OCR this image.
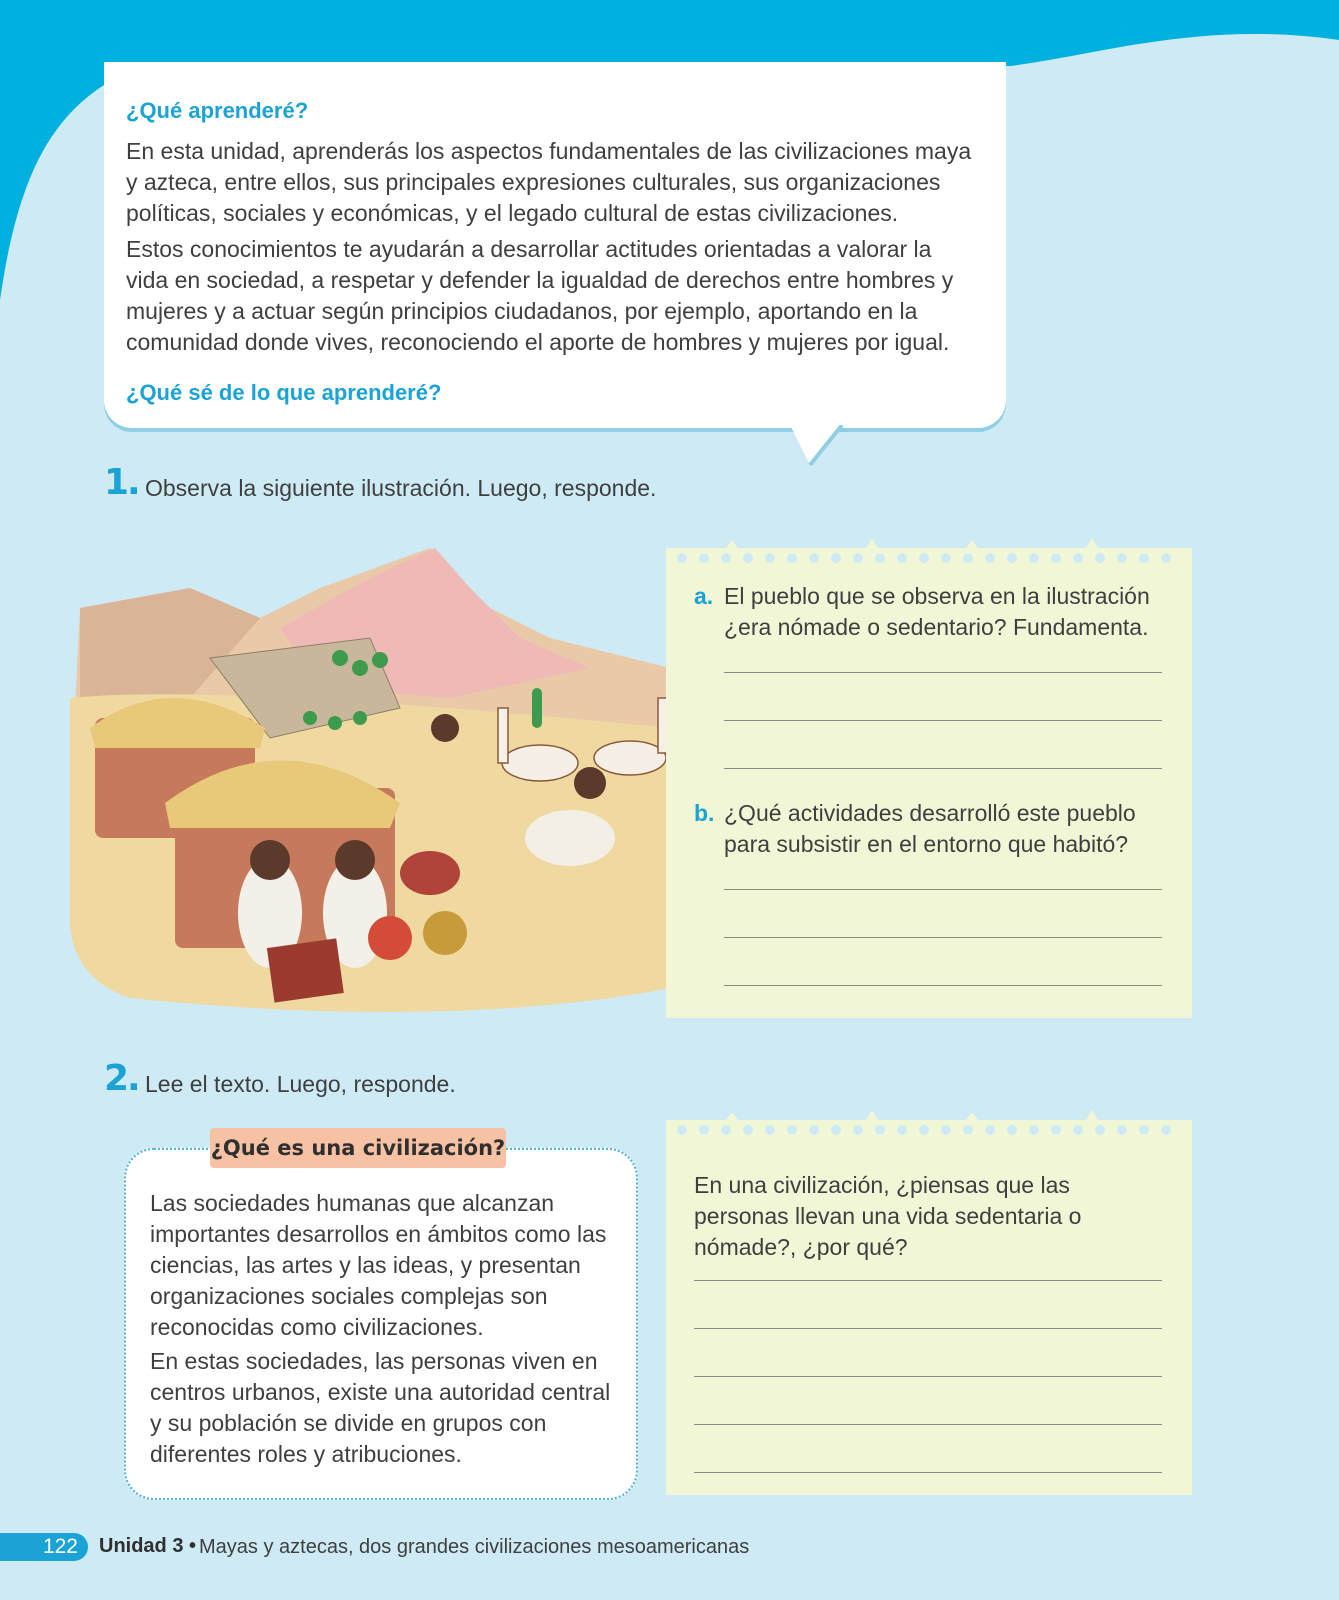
¿Qué aprenderé?

En esta unidad, aprenderás los aspectos fundamentales de las civilizaciones maya y azteca, entre ellos, sus principales expresiones culturales, sus organizaciones políticas, sociales y económicas, y el legado cultural de estas civilizaciones.

Estos conocimientos te ayudarán a desarrollar actitudes orientadas a valorar la vida en sociedad, a respetar y defender la igualdad de derechos entre hombres y mujeres y a actuar según principios ciudadanos, por ejemplo, aportando en la comunidad donde vives, reconociendo el aporte de hombres y mujeres por igual.

¿Qué sé de lo que aprenderé?
1. Observa la siguiente ilustración. Luego, responde.
a. El pueblo que se observa en la ilustración ¿era nómade o sedentario? Fundamenta.

b. ¿Qué actividades desarrolló este pueblo para subsistir en el entorno que habitó?

2. Lee el texto. Luego, responde.

Las sociedades humanas que alcanzan importantes desarrollos en ámbitos como las ciencias, las artes y las ideas, y presentan organizaciones sociales complejas son reconocidas como civilizaciones.

En estas sociedades, las personas viven en centros urbanos, existe una autoridad central y su población se divide en grupos con diferentes roles y atribuciones.

¿Qué es una civilización?

En una civilización, ¿piensas que las personas llevan una vida sedentaria o nómade?, ¿por qué?

122	Unidad 3 • Mayas y aztecas, dos grandes civilizaciones mesoamericanas
